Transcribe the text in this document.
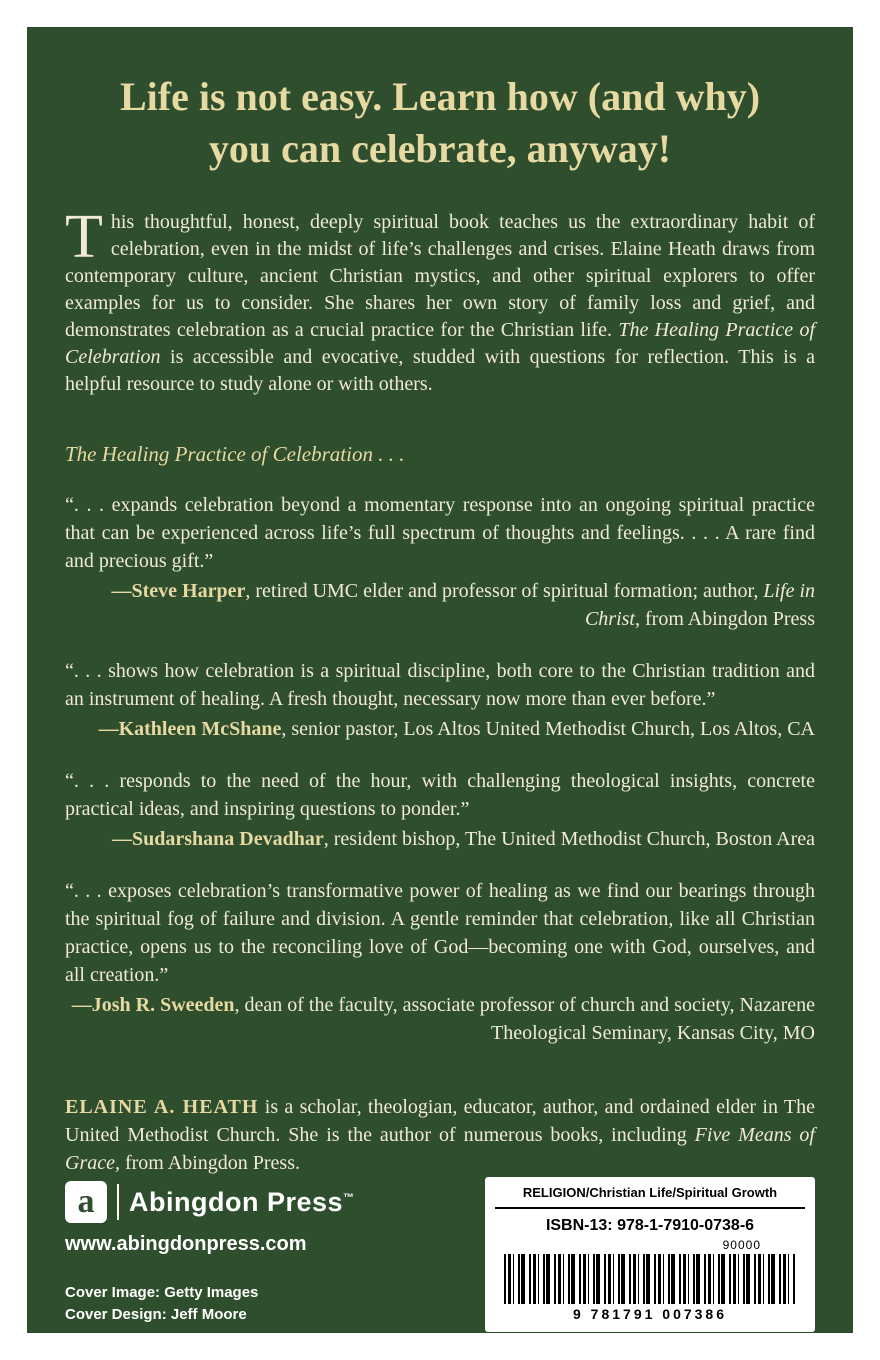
Life is not easy. Learn how (and why)
you can celebrate, anyway!

This thoughtful, honest, deeply spiritual book teaches us the extraordinary habit of celebration, even in the midst of life’s challenges and crises. Elaine Heath draws from contemporary culture, ancient Christian mystics, and other spiritual explorers to offer examples for us to consider. She shares her own story of family loss and grief, and demonstrates celebration as a crucial practice for the Christian life. The Healing Practice of Celebration is accessible and evocative, studded with questions for reflection. This is a helpful resource to study alone or with others.

The Healing Practice of Celebration . . .

“. . . expands celebration beyond a momentary response into an ongoing spiritual practice that can be experienced across life’s full spectrum of thoughts and feelings. . . . A rare find and precious gift.”

—Steve Harper, retired UMC elder and professor of spiritual formation; author, Life in Christ, from Abingdon Press

“. . . shows how celebration is a spiritual discipline, both core to the Christian tradition and an instrument of healing. A fresh thought, necessary now more than ever before.”

—Kathleen McShane, senior pastor, Los Altos United Methodist Church, Los Altos, CA

“. . . responds to the need of the hour, with challenging theological insights, concrete practical ideas, and inspiring questions to ponder.”

—Sudarshana Devadhar, resident bishop, The United Methodist Church, Boston Area

“. . . exposes celebration’s transformative power of healing as we find our bearings through the spiritual fog of failure and division. A gentle reminder that celebration, like all Christian practice, opens us to the reconciling love of God—becoming one with God, ourselves, and all creation.”

—Josh R. Sweeden, dean of the faculty, associate professor of church and society, Nazarene Theological Seminary, Kansas City, MO

ELAINE A. HEATH is a scholar, theologian, educator, author, and ordained elder in The United Methodist Church. She is the author of numerous books, including Five Means of Grace, from Abingdon Press.

a	Abingdon Press™
www.abingdonpress.com
Cover Image: Getty Images
Cover Design: Jeff Moore
RELIGION/Christian Life/Spiritual Growth
ISBN-13: 978-1-7910-0738-6
90000
9 781791 007386
